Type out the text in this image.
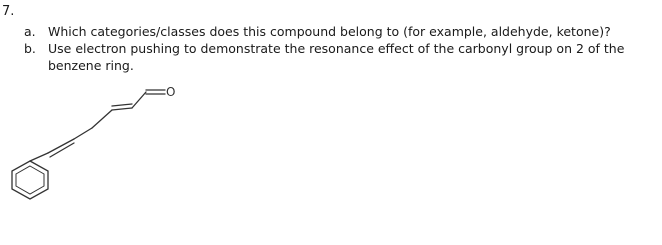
7.
a. Which categories/classes does this compound belong to (for example, aldehyde, ketone)?
b. Use electron pushing to demonstrate the resonance effect of the carbonyl group on 2 of the benzene ring.
O
